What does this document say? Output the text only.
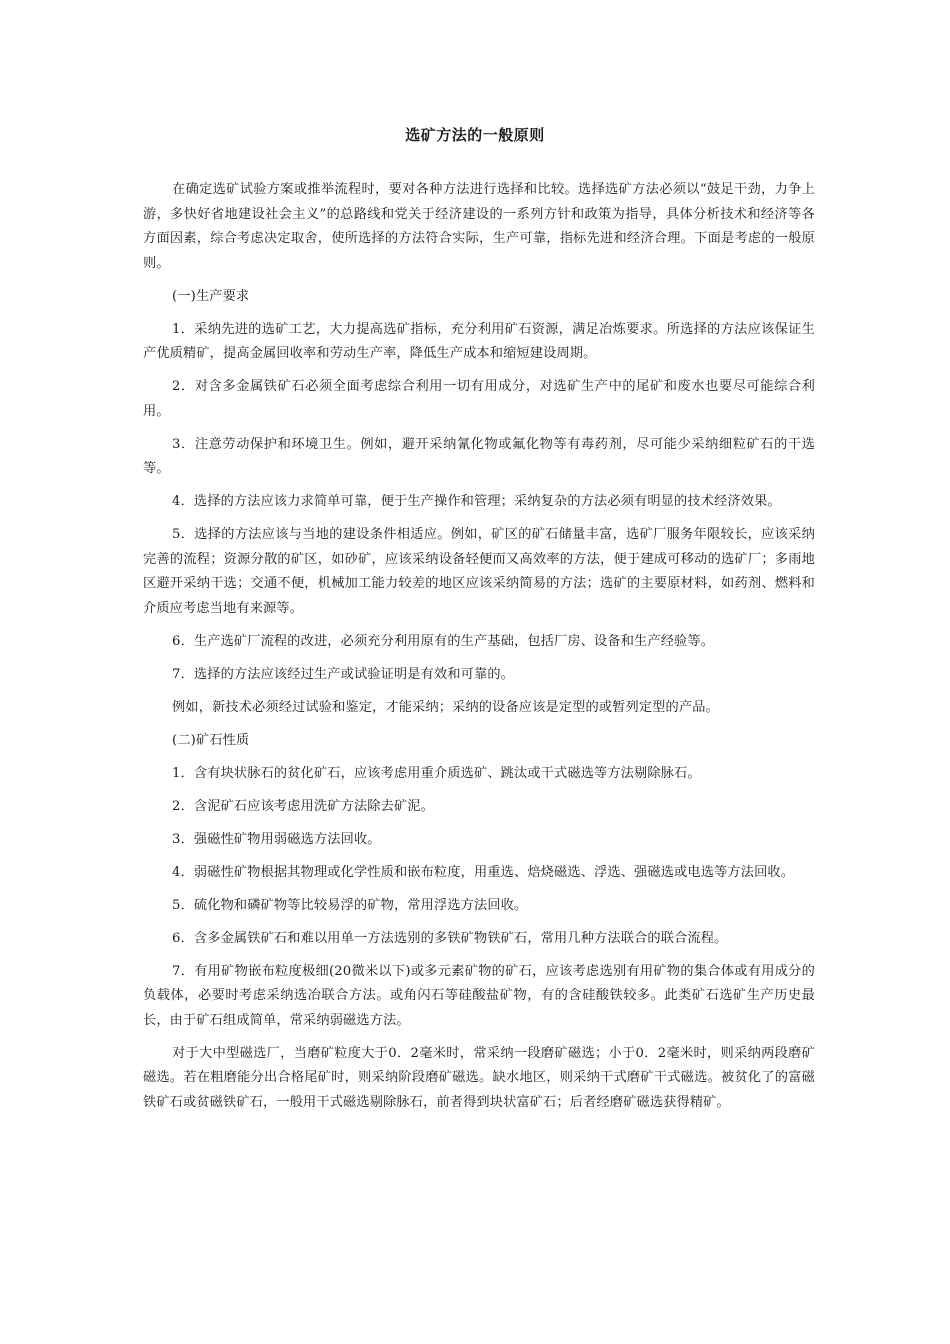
选矿方法的一般原则

在确定选矿试验方案或推举流程时，要对各种方法进行选择和比较。选择选矿方法必须以“鼓足干劲，力争上游，多快好省地建设社会主义”的总路线和党关于经济建设的一系列方针和政策为指导，具体分析技术和经济等各方面因素，综合考虑决定取舍，使所选择的方法符合实际，生产可靠，指标先进和经济合理。下面是考虑的一般原则。

(一)生产要求

1．采纳先进的选矿工艺，大力提高选矿指标，充分利用矿石资源，满足冶炼要求。所选择的方法应该保证生产优质精矿，提高金属回收率和劳动生产率，降低生产成本和缩短建设周期。

2．对含多金属铁矿石必须全面考虑综合利用一切有用成分，对选矿生产中的尾矿和废水也要尽可能综合利用。

3．注意劳动保护和环境卫生。例如，避开采纳氰化物或氟化物等有毒药剂，尽可能少采纳细粒矿石的干选等。

4．选择的方法应该力求简单可靠，便于生产操作和管理；采纳复杂的方法必须有明显的技术经济效果。

5．选择的方法应该与当地的建设条件相适应。例如，矿区的矿石储量丰富，选矿厂服务年限较长，应该采纳完善的流程；资源分散的矿区，如砂矿，应该采纳设备轻便而又高效率的方法，便于建成可移动的选矿厂；多雨地区避开采纳干选；交通不便，机械加工能力较差的地区应该采纳简易的方法；选矿的主要原材料，如药剂、燃料和介质应考虑当地有来源等。

6．生产选矿厂流程的改进，必须充分利用原有的生产基础，包括厂房、设备和生产经验等。

7．选择的方法应该经过生产或试验证明是有效和可靠的。

例如，新技术必须经过试验和鉴定，才能采纳；采纳的设备应该是定型的或暂列定型的产品。

(二)矿石性质

1．含有块状脉石的贫化矿石，应该考虑用重介质选矿、跳汰或干式磁选等方法剔除脉石。

2．含泥矿石应该考虑用洗矿方法除去矿泥。

3．强磁性矿物用弱磁选方法回收。

4．弱磁性矿物根据其物理或化学性质和嵌布粒度，用重选、焙烧磁选、浮选、强磁选或电选等方法回收。

5．硫化物和磷矿物等比较易浮的矿物，常用浮选方法回收。

6．含多金属铁矿石和难以用单一方法选别的多铁矿物铁矿石，常用几种方法联合的联合流程。

7．有用矿物嵌布粒度极细(20微米以下)或多元素矿物的矿石，应该考虑选别有用矿物的集合体或有用成分的负载体，必要时考虑采纳选冶联合方法。或角闪石等硅酸盐矿物，有的含硅酸铁较多。此类矿石选矿生产历史最长，由于矿石组成简单，常采纳弱磁选方法。

对于大中型磁选厂，当磨矿粒度大于0．2毫米时，常采纳一段磨矿磁选；小于0．2毫米时，则采纳两段磨矿磁选。若在粗磨能分出合格尾矿时，则采纳阶段磨矿磁选。缺水地区，则采纳干式磨矿干式磁选。被贫化了的富磁铁矿石或贫磁铁矿石，一般用干式磁选剔除脉石，前者得到块状富矿石；后者经磨矿磁选获得精矿。
